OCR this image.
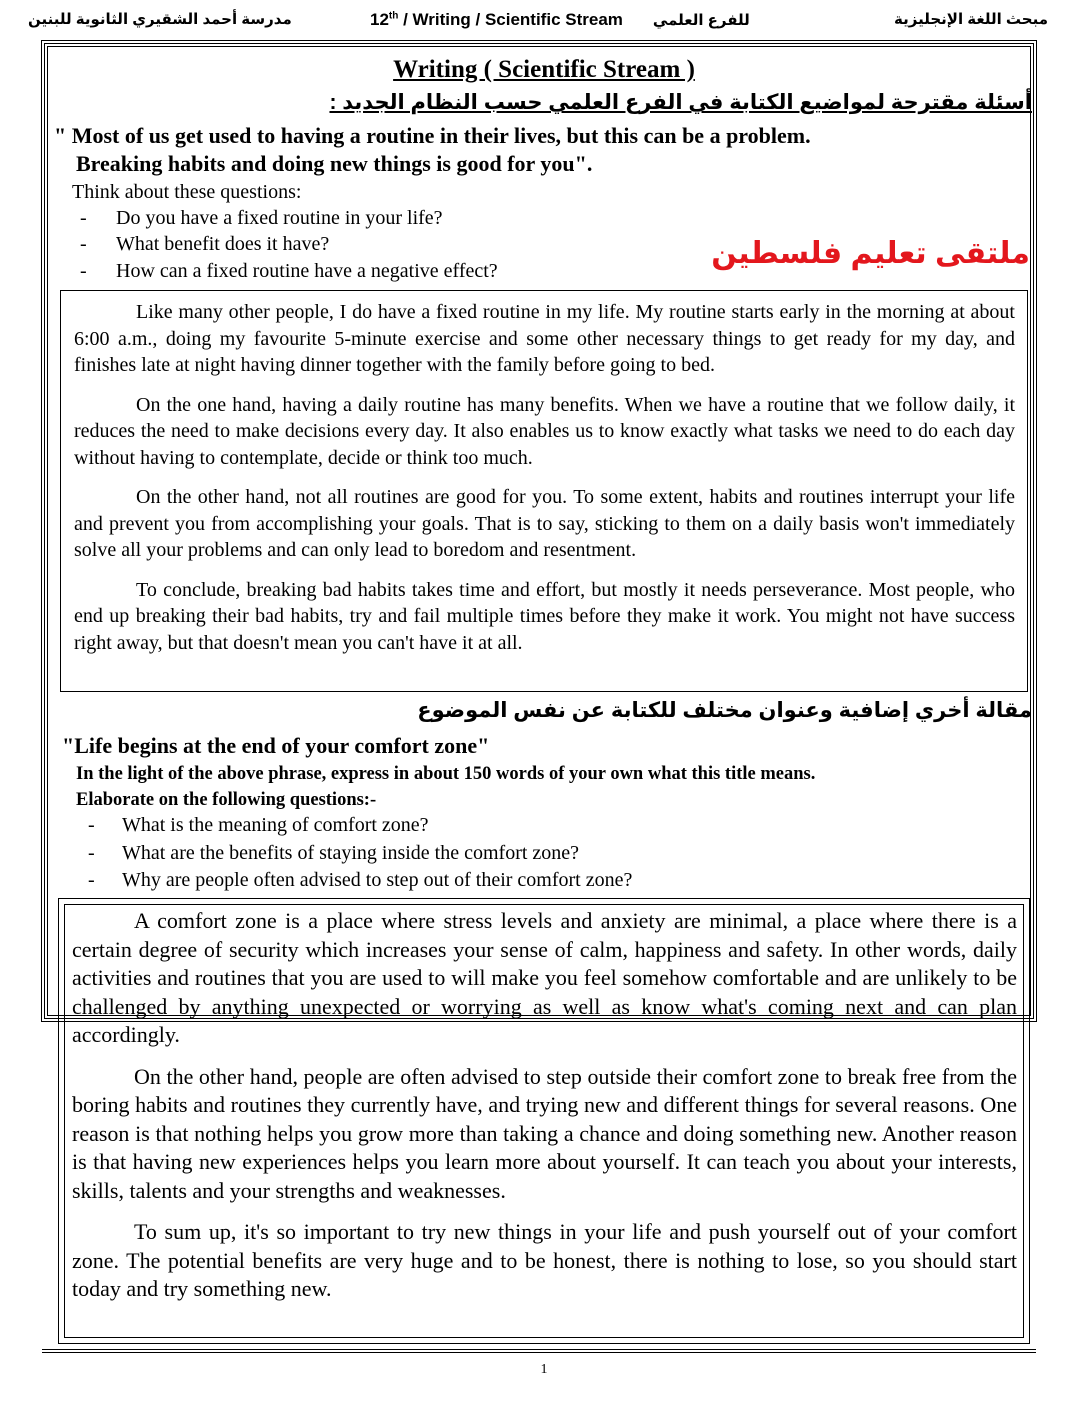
مدرسة أحمد الشقيري الثانوية للبنين	12th / Writing / Scientific Stream للفرع العلمي	مبحث اللغة الإنجليزية
Writing ( Scientific Stream )
أسئلة مقترحة لمواضيع الكتابة في الفرع العلمي حسب النظام الجديد :
" Most of us get used to having a routine in their lives, but this can be a problem.
Breaking habits and doing new things is good for you".
Think about these questions:
- Do you have a fixed routine in your life?
- What benefit does it have?
- How can a fixed routine have a negative effect?
ملتقى تعليم فلسطين

Like many other people, I do have a fixed routine in my life. My routine starts early in the morning at about 6:00 a.m., doing my favourite 5-minute exercise and some other necessary things to get ready for my day, and finishes late at night having dinner together with the family before going to bed.

On the one hand, having a daily routine has many benefits. When we have a routine that we follow daily, it reduces the need to make decisions every day. It also enables us to know exactly what tasks we need to do each day without having to contemplate, decide or think too much.

On the other hand, not all routines are good for you. To some extent, habits and routines interrupt your life and prevent you from accomplishing your goals. That is to say, sticking to them on a daily basis won't immediately solve all your problems and can only lead to boredom and resentment.

To conclude, breaking bad habits takes time and effort, but mostly it needs perseverance. Most people, who end up breaking their bad habits, try and fail multiple times before they make it work. You might not have success right away, but that doesn't mean you can't have it at all.

مقالة أخري إضافية وعنوان مختلف للكتابة عن نفس الموضوع
"Life begins at the end of your comfort zone"
In the light of the above phrase, express in about 150 words of your own what this title means.
Elaborate on the following questions:-
- What is the meaning of comfort zone?
- What are the benefits of staying inside the comfort zone?
- Why are people often advised to step out of their comfort zone?

A comfort zone is a place where stress levels and anxiety are minimal, a place where there is a certain degree of security which increases your sense of calm, happiness and safety. In other words, daily activities and routines that you are used to will make you feel somehow comfortable and are unlikely to be challenged by anything unexpected or worrying as well as know what's coming next and can plan accordingly.

On the other hand, people are often advised to step outside their comfort zone to break free from the boring habits and routines they currently have, and trying new and different things for several reasons. One reason is that nothing helps you grow more than taking a chance and doing something new. Another reason is that having new experiences helps you learn more about yourself. It can teach you about your interests, skills, talents and your strengths and weaknesses.

To sum up, it's so important to try new things in your life and push yourself out of your comfort zone. The potential benefits are very huge and to be honest, there is nothing to lose, so you should start today and try something new.

1
